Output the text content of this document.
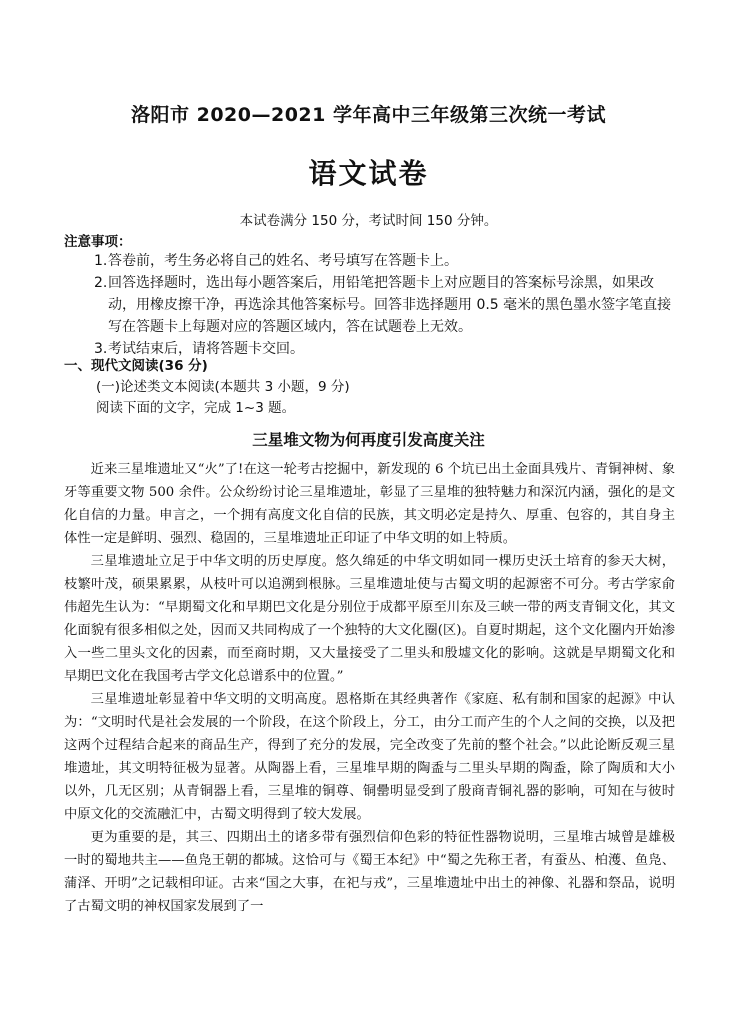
洛阳市 2020—2021 学年高中三年级第三次统一考试
语文试卷
本试卷满分 150 分，考试时间 150 分钟。
注意事项：
1. 答卷前，考生务必将自己的姓名、考号填写在答题卡上。
2. 回答选择题时，选出每小题答案后，用铅笔把答题卡上对应题目的答案标号涂黑，如果改动，用橡皮擦干净，再选涂其他答案标号。回答非选择题用 0.5 毫米的黑色墨水签字笔直接写在答题卡上每题对应的答题区域内，答在试题卷上无效。
3. 考试结束后，请将答题卡交回。
一、现代文阅读(36 分)
(一)论述类文本阅读(本题共 3 小题，9 分)
阅读下面的文字，完成 1~3 题。
三星堆文物为何再度引发高度关注

近来三星堆遗址又“火”了!在这一轮考古挖掘中，新发现的 6 个坑已出土金面具残片、青铜神树、象牙等重要文物 500 余件。公众纷纷讨论三星堆遗址，彰显了三星堆的独特魅力和深沉内涵，强化的是文化自信的力量。申言之，一个拥有高度文化自信的民族，其文明必定是持久、厚重、包容的，其自身主体性一定是鲜明、强烈、稳固的，三星堆遗址正印证了中华文明的如上特质。

三星堆遗址立足于中华文明的历史厚度。悠久绵延的中华文明如同一棵历史沃土培育的参天大树，枝繁叶茂，硕果累累，从枝叶可以追溯到根脉。三星堆遗址使与古蜀文明的起源密不可分。考古学家俞伟超先生认为：“早期蜀文化和早期巴文化是分别位于成都平原至川东及三峡一带的两支青铜文化，其文化面貌有很多相似之处，因而又共同构成了一个独特的大文化圈(区)。自夏时期起，这个文化圈内开始渗入一些二里头文化的因素，而至商时期，又大量接受了二里头和殷墟文化的影响。这就是早期蜀文化和早期巴文化在我国考古学文化总谱系中的位置。”

三星堆遗址彰显着中华文明的文明高度。恩格斯在其经典著作《家庭、私有制和国家的起源》中认为：“文明时代是社会发展的一个阶段，在这个阶段上，分工，由分工而产生的个人之间的交换，以及把这两个过程结合起来的商品生产，得到了充分的发展，完全改变了先前的整个社会。”以此论断反观三星堆遗址，其文明特征极为显著。从陶器上看，三星堆早期的陶盉与二里头早期的陶盉，除了陶质和大小以外，几无区别；从青铜器上看，三星堆的铜尊、铜罍明显受到了殷商青铜礼器的影响，可知在与彼时中原文化的交流融汇中，古蜀文明得到了较大发展。

更为重要的是，其三、四期出土的诸多带有强烈信仰色彩的特征性器物说明，三星堆古城曾是雄极一时的蜀地共主——鱼凫王朝的都城。这恰可与《蜀王本纪》中“蜀之先称王者，有蚕丛、柏濩、鱼凫、蒲泽、开明”之记载相印证。古来“国之大事，在祀与戎”，三星堆遗址中出土的神像、礼器和祭品，说明了古蜀文明的神权国家发展到了一
